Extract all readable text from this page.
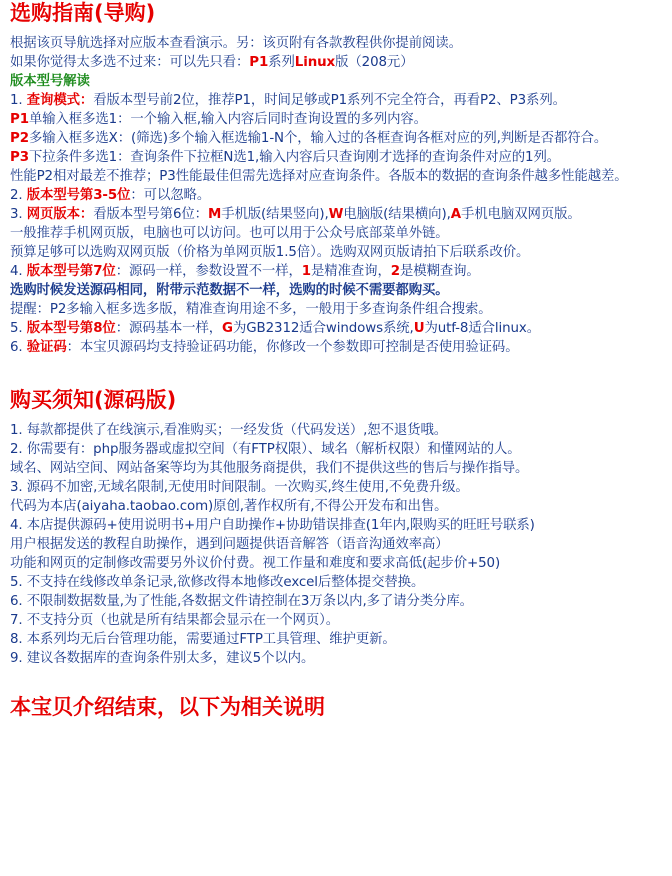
选购指南(导购)

根据该页导航选择对应版本查看演示。另：该页附有各款教程供你提前阅读。

如果你觉得太多选不过来：可以先只看：P1系列Linux版（208元）

版本型号解读

1. 查询模式：看版本型号前2位，推荐P1，时间足够或P1系列不完全符合，再看P2、P3系列。

P1单输入框多选1：一个输入框,输入内容后同时查询设置的多列内容。

P2多输入框多选X：(筛选)多个输入框选输1-N个，输入过的各框查询各框对应的列,判断是否都符合。

P3下拉条件多选1：查询条件下拉框N选1,输入内容后只查询刚才选择的查询条件对应的1列。

性能P2相对最差不推荐；P3性能最佳但需先选择对应查询条件。各版本的数据的查询条件越多性能越差。

2. 版本型号第3-5位：可以忽略。

3. 网页版本：看版本型号第6位：M手机版(结果竖向),W电脑版(结果横向),A手机电脑双网页版。

一般推荐手机网页版，电脑也可以访问。也可以用于公众号底部菜单外链。

预算足够可以选购双网页版（价格为单网页版1.5倍）。选购双网页版请拍下后联系改价。

4. 版本型号第7位：源码一样，参数设置不一样，1是精准查询，2是模糊查询。

选购时候发送源码相同，附带示范数据不一样，选购的时候不需要都购买。

提醒：P2多输入框多选多版，精准查询用途不多，一般用于多查询条件组合搜索。

5. 版本型号第8位：源码基本一样，G为GB2312适合windows系统,U为utf-8适合linux。

6. 验证码：本宝贝源码均支持验证码功能，你修改一个参数即可控制是否使用验证码。

购买须知(源码版)

1. 每款都提供了在线演示,看准购买；一经发货（代码发送）,恕不退货哦。

2. 你需要有：php服务器或虚拟空间（有FTP权限）、域名（解析权限）和懂网站的人。

域名、网站空间、网站备案等均为其他服务商提供，我们不提供这些的售后与操作指导。

3. 源码不加密,无域名限制,无使用时间限制。一次购买,终生使用,不免费升级。

代码为本店(aiyaha.taobao.com)原创,著作权所有,不得公开发布和出售。

4. 本店提供源码+使用说明书+用户自助操作+协助错误排查(1年内,限购买的旺旺号联系)

用户根据发送的教程自助操作，遇到问题提供语音解答（语音沟通效率高）

功能和网页的定制修改需要另外议价付费。视工作量和难度和要求高低(起步价+50)

5. 不支持在线修改单条记录,欲修改得本地修改excel后整体提交替换。

6. 不限制数据数量,为了性能,各数据文件请控制在3万条以内,多了请分类分库。

7. 不支持分页（也就是所有结果都会显示在一个网页）。

8. 本系列均无后台管理功能，需要通过FTP工具管理、维护更新。

9. 建议各数据库的查询条件别太多，建议5个以内。

本宝贝介绍结束，以下为相关说明
